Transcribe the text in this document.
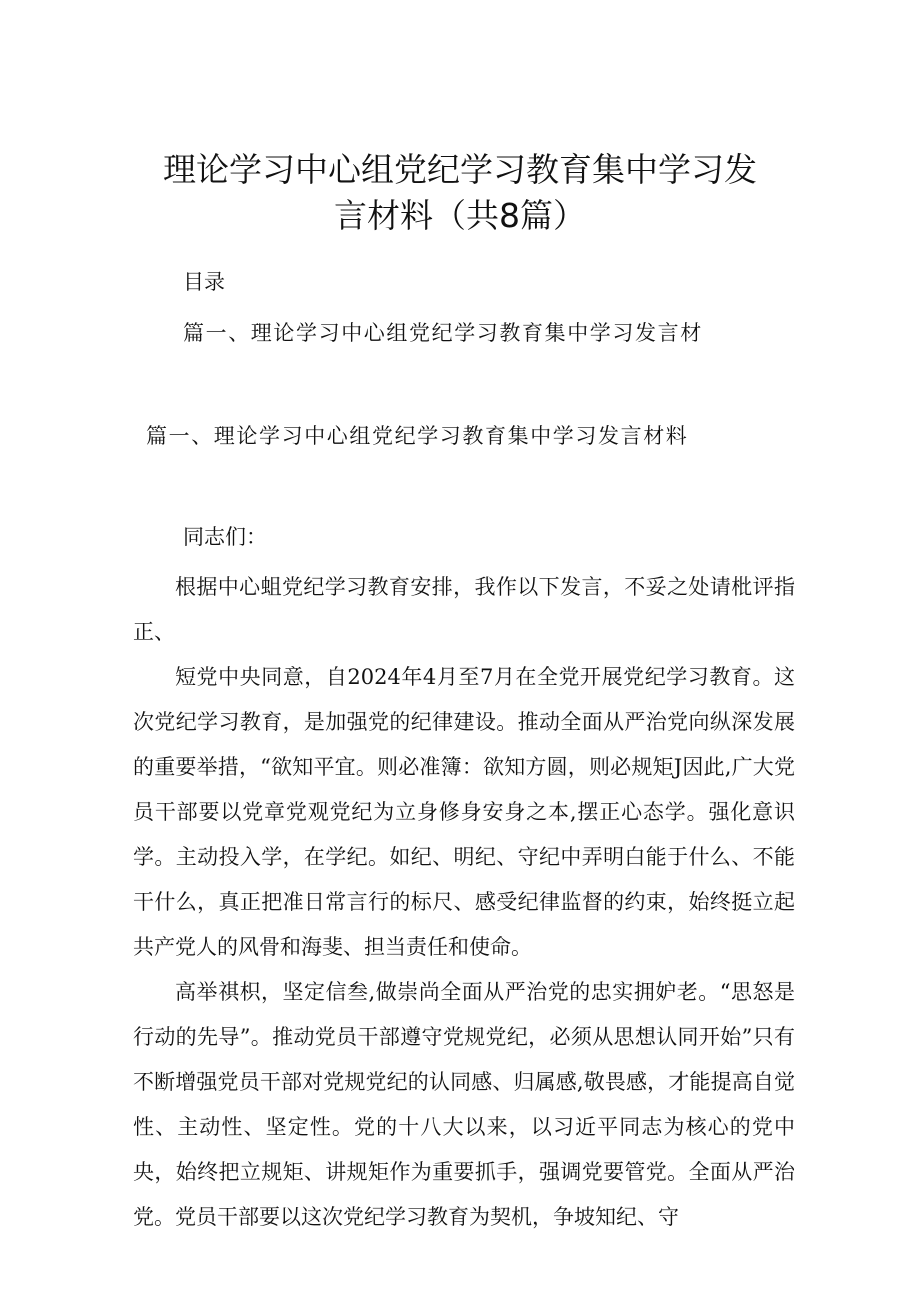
理论学习中心组党纪学习教育集中学习发
言材料（共8篇）

目录

篇一、理论学习中心组党纪学习教育集中学习发言材

篇一、理论学习中心组党纪学习教育集中学习发言材料

同志们：

根据中心蛆党纪学习教育安排，我作以下发言，不妥之处请枇评指正、

短党中央同意，自2024年4月至7月在全党开展党纪学习教育。这次党纪学习教育，是加强党的纪律建设。推动全面从严治党向纵深发展的重要举措，“欲知平宜。则必准簿：欲知方圆，则必规矩J因此,广大党员干部要以党章党观党纪为立身修身安身之本,摆正心态学。强化意识学。主动投入学，在学纪。如纪、明纪、守纪中弄明白能于什么、不能干什么，真正把准日常言行的标尺、感受纪律监督的约束，始终挺立起共产党人的风骨和海斐、担当责任和使命。

高举祺枳，坚定信叁,做崇尚全面从严治党的忠实拥妒老。“思怒是行动的先导”。推动党员干部遵守党规党纪，必须从思想认同开始”只有不断增强党员干部对党规党纪的认同感、归属感,敬畏感，才能提高自觉性、主动性、坚定性。党的十八大以来，以习近平同志为核心的党中央，始终把立规矩、讲规矩作为重要抓手，强调党要管党。全面从严治党。党员干部要以这次党纪学习教育为契机，争坡知纪、守
